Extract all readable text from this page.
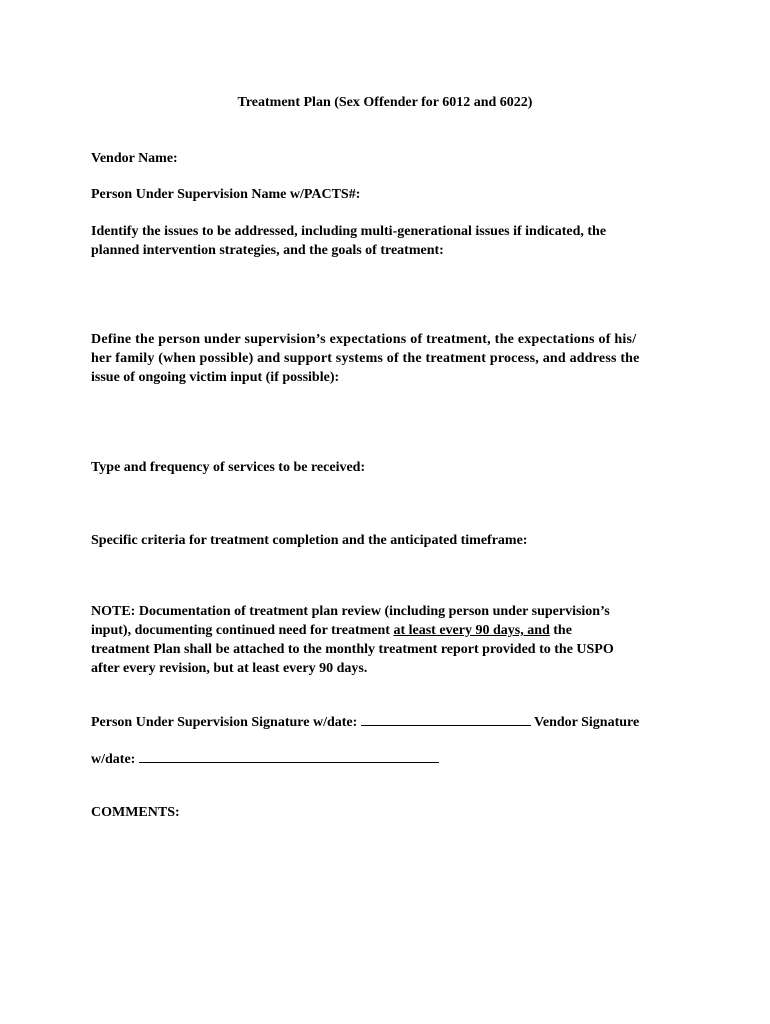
Treatment Plan (Sex Offender for 6012 and 6022)
Vendor Name:
Person Under Supervision Name w/PACTS#:
Identify the issues to be addressed, including multi-generational issues if indicated, the
planned intervention strategies, and the goals of treatment:
Define the person under supervision’s expectations of treatment, the expectations of his/
her family (when possible) and support systems of the treatment process, and address the
issue of ongoing victim input (if possible):
Type and frequency of services to be received:
Specific criteria for treatment completion and the anticipated timeframe:
NOTE: Documentation of treatment plan review (including person under supervision’s
input), documenting continued need for treatment at least every 90 days, and the
treatment Plan shall be attached to the monthly treatment report provided to the USPO
after every revision, but at least every 90 days.
Person Under Supervision Signature w/date:	Vendor Signature
w/date:
COMMENTS:
